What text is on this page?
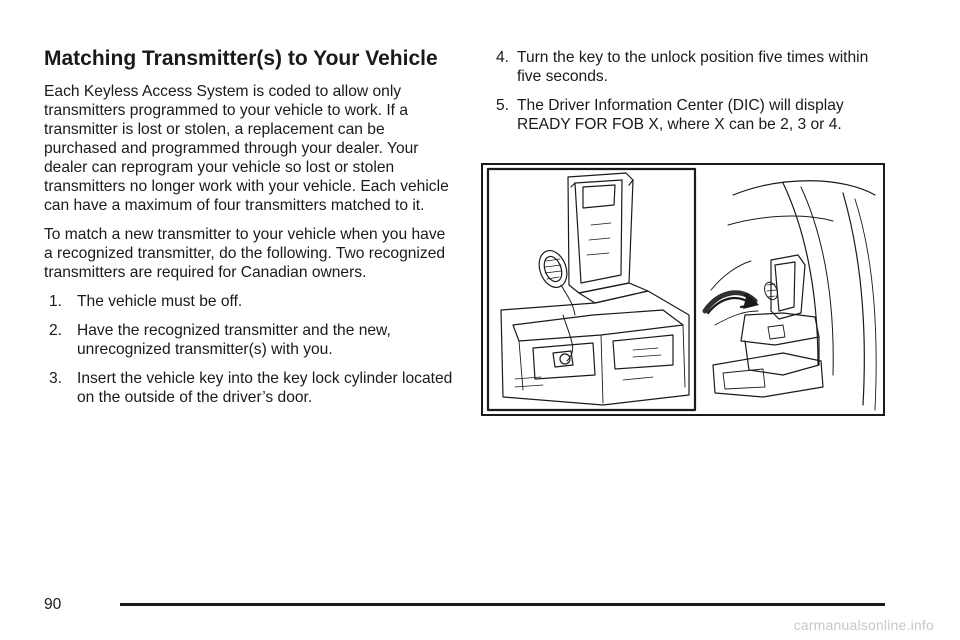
Matching Transmitter(s) to Your Vehicle

Each Keyless Access System is coded to allow only transmitters programmed to your vehicle to work. If a transmitter is lost or stolen, a replacement can be purchased and programmed through your dealer. Your dealer can reprogram your vehicle so lost or stolen transmitters no longer work with your vehicle. Each vehicle can have a maximum of four transmitters matched to it.

To match a new transmitter to your vehicle when you have a recognized transmitter, do the following. Two recognized transmitters are required for Canadian owners.

1. The vehicle must be off.
2. Have the recognized transmitter and the new, unrecognized transmitter(s) with you.
3. Insert the vehicle key into the key lock cylinder located on the outside of the driver’s door.
4. Turn the key to the unlock position five times within five seconds.
5. The Driver Information Center (DIC) will display READY FOR FOB X, where X can be 2, 3 or 4.
90
carmanualsonline.info
